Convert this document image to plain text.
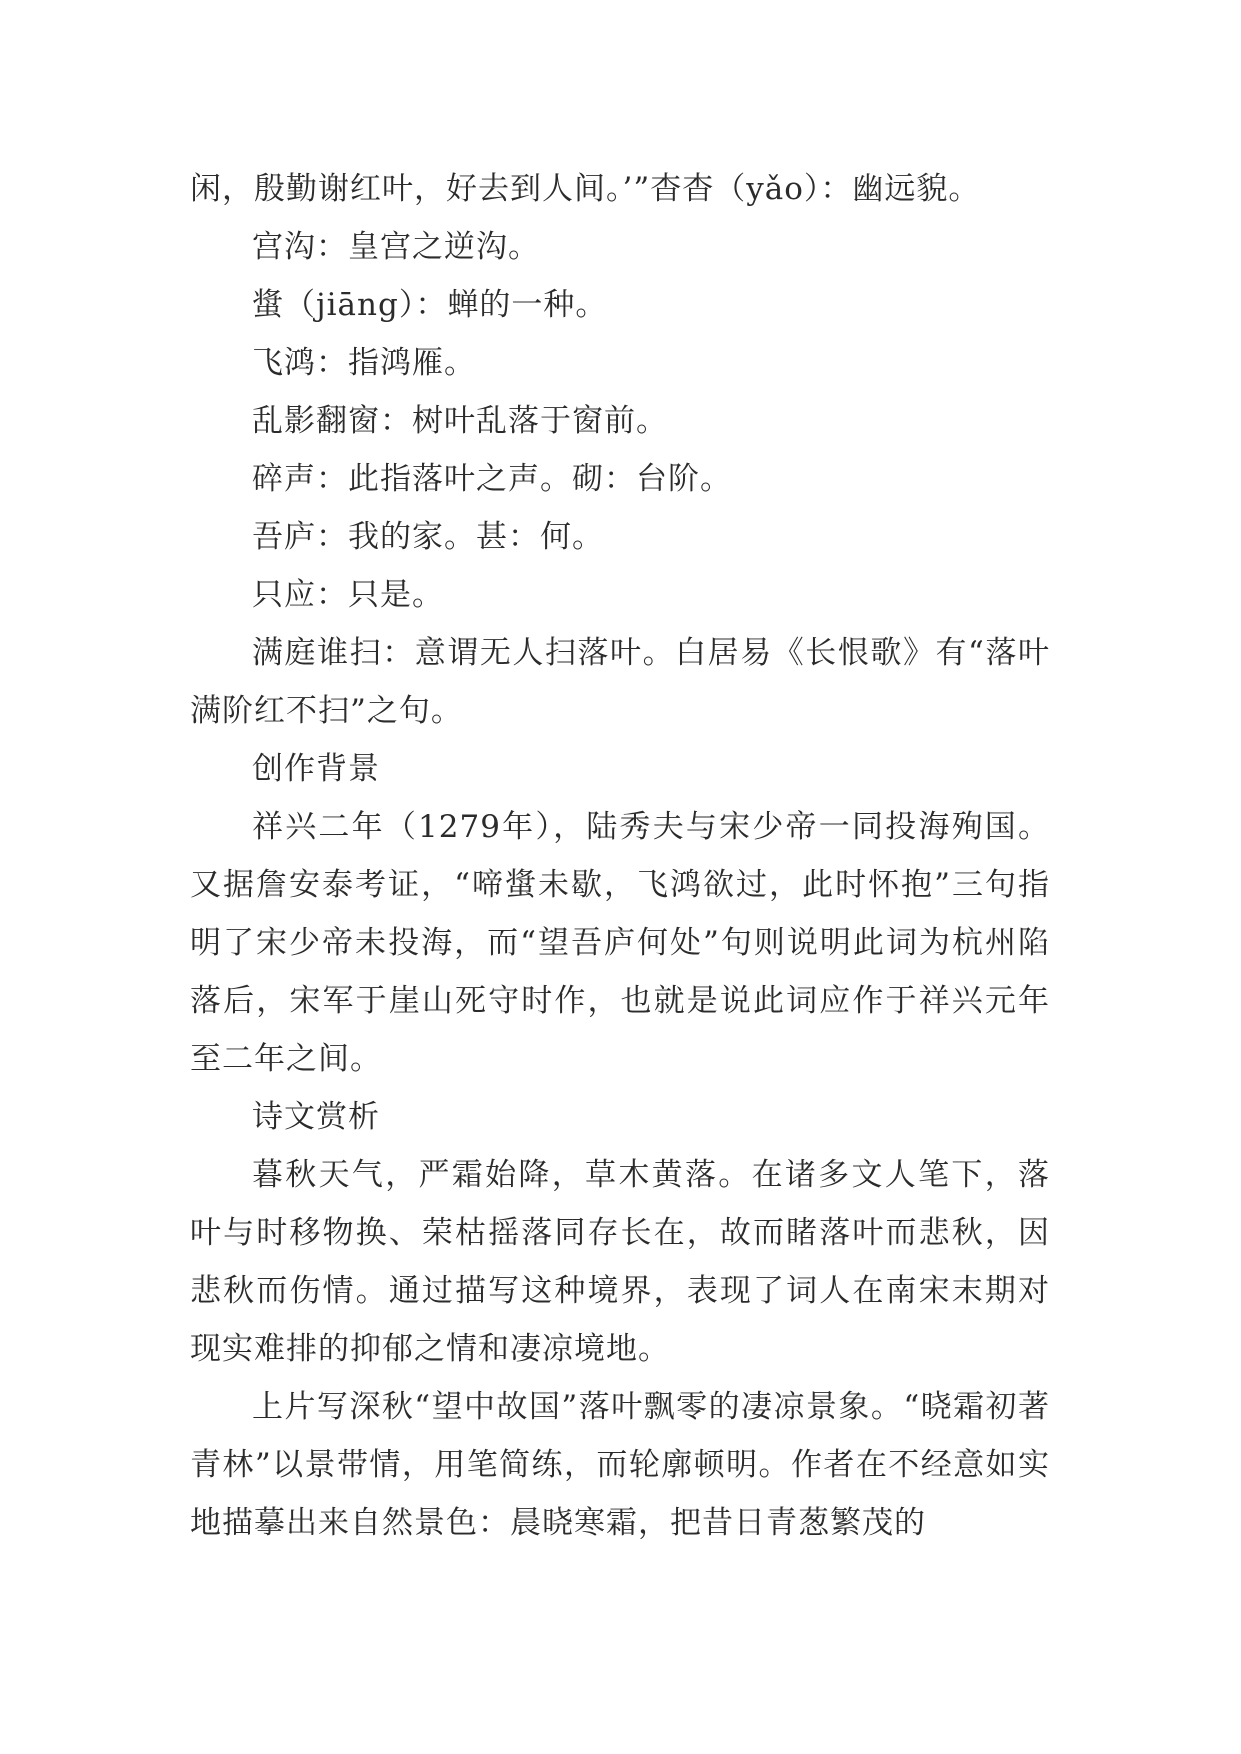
闲，殷勤谢红叶，好去到人间。’”杳杳（yǎo）：幽远貌。

宫沟：皇宫之逆沟。

螀（jiāng）：蝉的一种。

飞鸿：指鸿雁。

乱影翻窗：树叶乱落于窗前。

碎声：此指落叶之声。砌：台阶。

吾庐：我的家。甚：何。

只应：只是。

满庭谁扫：意谓无人扫落叶。白居易《长恨歌》有“落叶满阶红不扫”之句。

创作背景

祥兴二年（1279年），陆秀夫与宋少帝一同投海殉国。又据詹安泰考证，“啼螀未歇，飞鸿欲过，此时怀抱”三句指明了宋少帝未投海，而“望吾庐何处”句则说明此词为杭州陷落后，宋军于崖山死守时作，也就是说此词应作于祥兴元年至二年之间。

诗文赏析

暮秋天气，严霜始降，草木黄落。在诸多文人笔下，落叶与时移物换、荣枯摇落同存长在，故而睹落叶而悲秋，因悲秋而伤情。通过描写这种境界，表现了词人在南宋末期对现实难排的抑郁之情和凄凉境地。

上片写深秋“望中故国”落叶飘零的凄凉景象。“晓霜初著青林”以景带情，用笔简练，而轮廓顿明。作者在不经意如实地描摹出来自然景色：晨晓寒霜，把昔日青葱繁茂的
